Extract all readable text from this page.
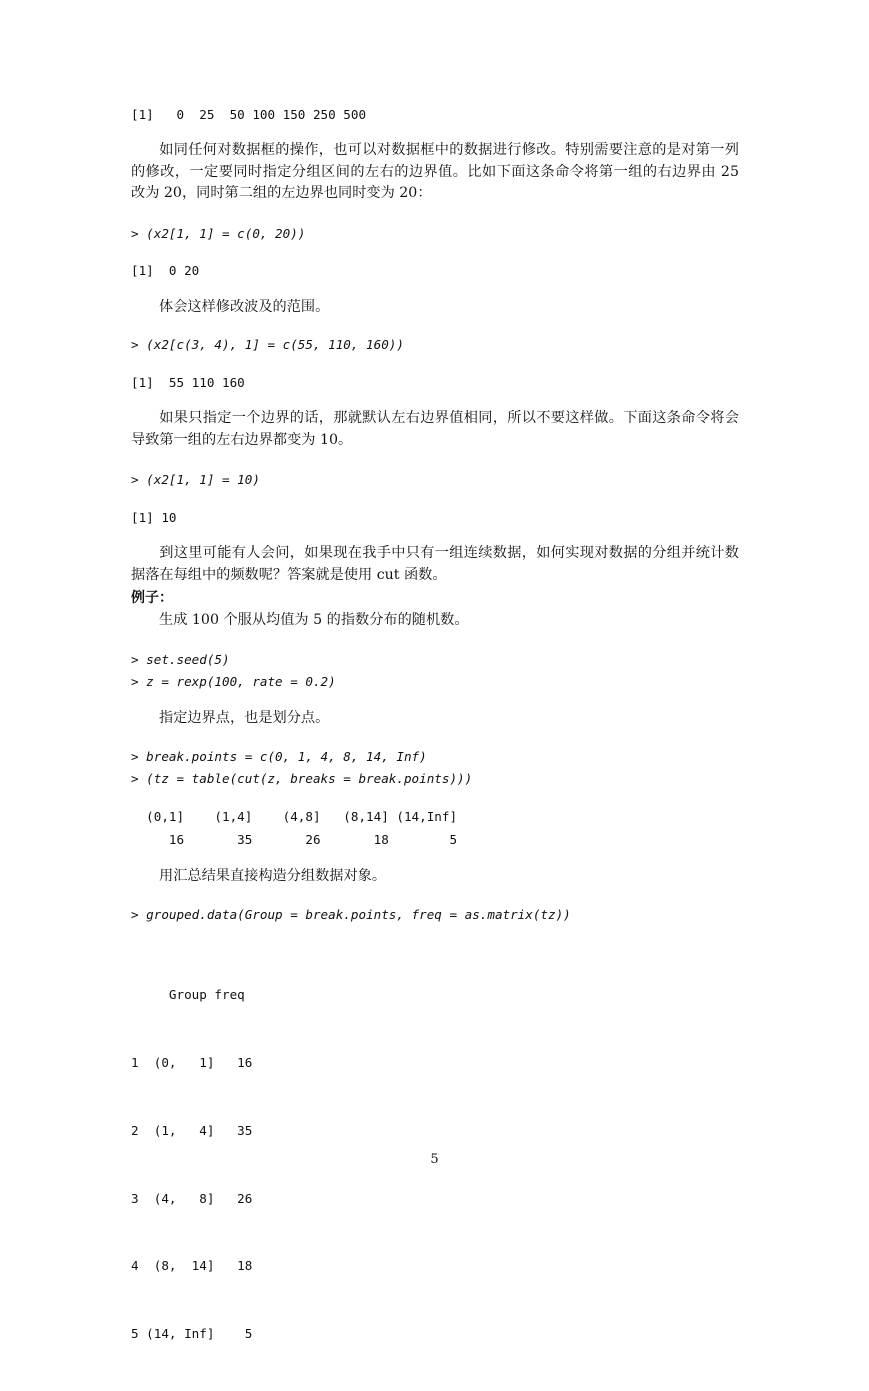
[1]   0  25  50 100 150 250 500
如同任何对数据框的操作，也可以对数据框中的数据进行修改。特别需要注意的是对第一列的修改，一定要同时指定分组区间的左右的边界值。比如下面这条命令将第一组的右边界由 25 改为 20，同时第二组的左边界也同时变为 20：
> (x2[1, 1] = c(0, 20))
[1]  0 20
体会这样修改波及的范围。
> (x2[c(3, 4), 1] = c(55, 110, 160))
[1]  55 110 160
如果只指定一个边界的话，那就默认左右边界值相同，所以不要这样做。下面这条命令将会导致第一组的左右边界都变为 10。
> (x2[1, 1] = 10)
[1] 10
到这里可能有人会问，如果现在我手中只有一组连续数据，如何实现对数据的分组并统计数据落在每组中的频数呢？答案就是使用 cut 函数。
例子：
生成 100 个服从均值为 5 的指数分布的随机数。
> set.seed(5)
> z = rexp(100, rate = 0.2)
指定边界点，也是划分点。
> break.points = c(0, 1, 4, 8, 14, Inf)
> (tz = table(cut(z, breaks = break.points)))
(0,1]    (1,4]    (4,8]   (8,14] (14,Inf]
16       35       26       18        5
用汇总结果直接构造分组数据对象。
> grouped.data(Group = break.points, freq = as.matrix(tz))

Group freq

1  (0,   1]   16

2  (1,   4]   35

3  (4,   8]   26

4  (8,  14]   18

5 (14, Inf]    5

5
